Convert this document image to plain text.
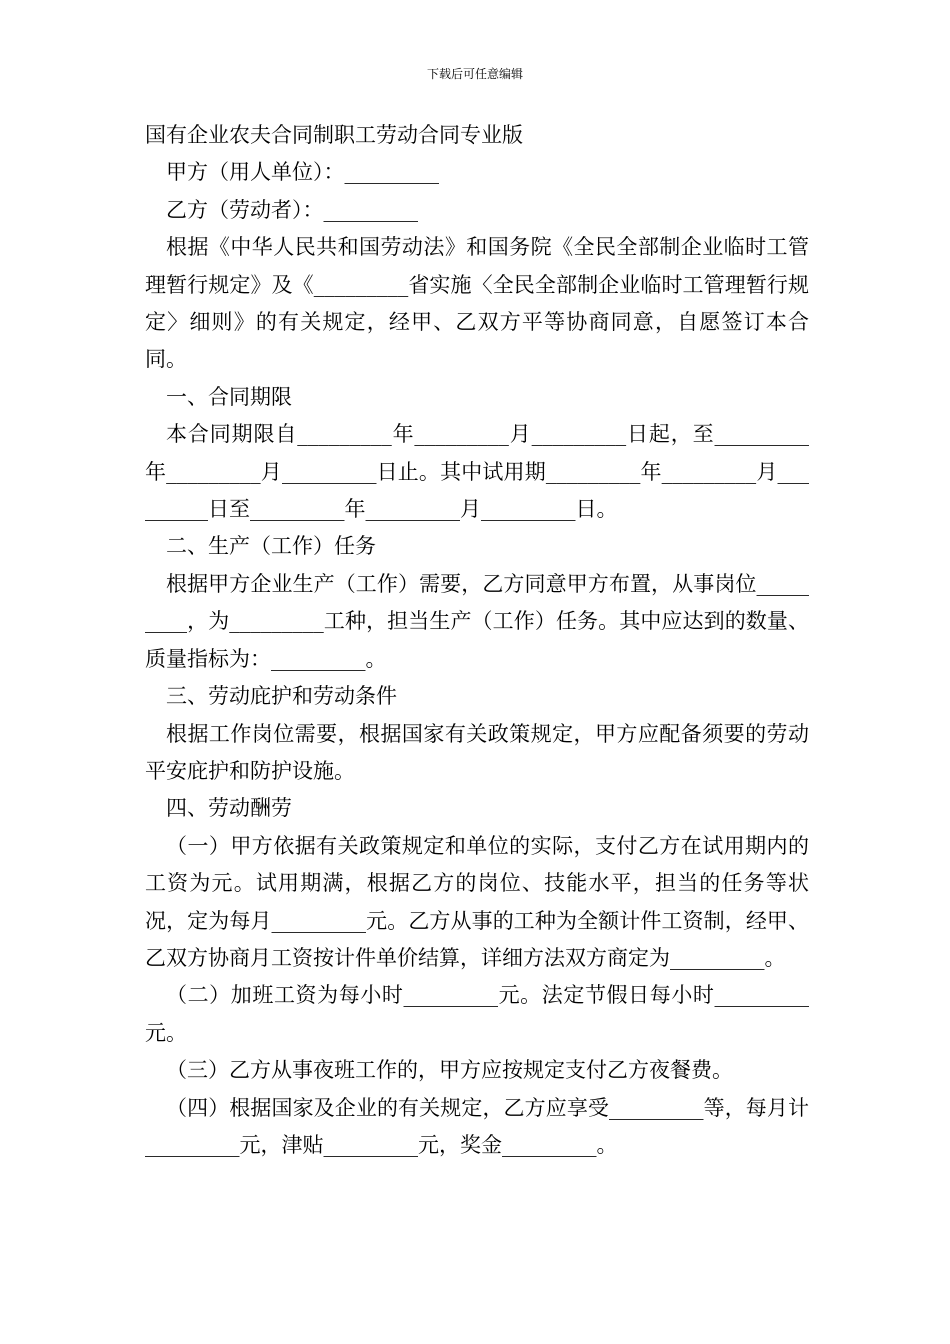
下载后可任意编辑

国有企业农夫合同制职工劳动合同专业版

甲方（用人单位）：_________

乙方（劳动者）：_________

根据《中华人民共和国劳动法》和国务院《全民全部制企业临时工管理暂行规定》及《_________省实施〈全民全部制企业临时工管理暂行规定〉细则》的有关规定，经甲、乙双方平等协商同意，自愿签订本合同。

一、合同期限

本合同期限自_________年_________月_________日起，至_________年_________月_________日止。其中试用期_________年_________月_________日至_________年_________月_________日。

二、生产（工作）任务

根据甲方企业生产（工作）需要，乙方同意甲方布置，从事岗位_________，为_________工种，担当生产（工作）任务。其中应达到的数量、质量指标为：_________。

三、劳动庇护和劳动条件

根据工作岗位需要，根据国家有关政策规定，甲方应配备须要的劳动平安庇护和防护设施。

四、劳动酬劳

（一）甲方依据有关政策规定和单位的实际，支付乙方在试用期内的工资为元。试用期满，根据乙方的岗位、技能水平，担当的任务等状况，定为每月_________元。乙方从事的工种为全额计件工资制，经甲、乙双方协商月工资按计件单价结算，详细方法双方商定为_________。

（二）加班工资为每小时_________元。法定节假日每小时_________元。

（三）乙方从事夜班工作的，甲方应按规定支付乙方夜餐费。

（四）根据国家及企业的有关规定，乙方应享受_________等，每月计_________元，津贴_________元，奖金_________。
